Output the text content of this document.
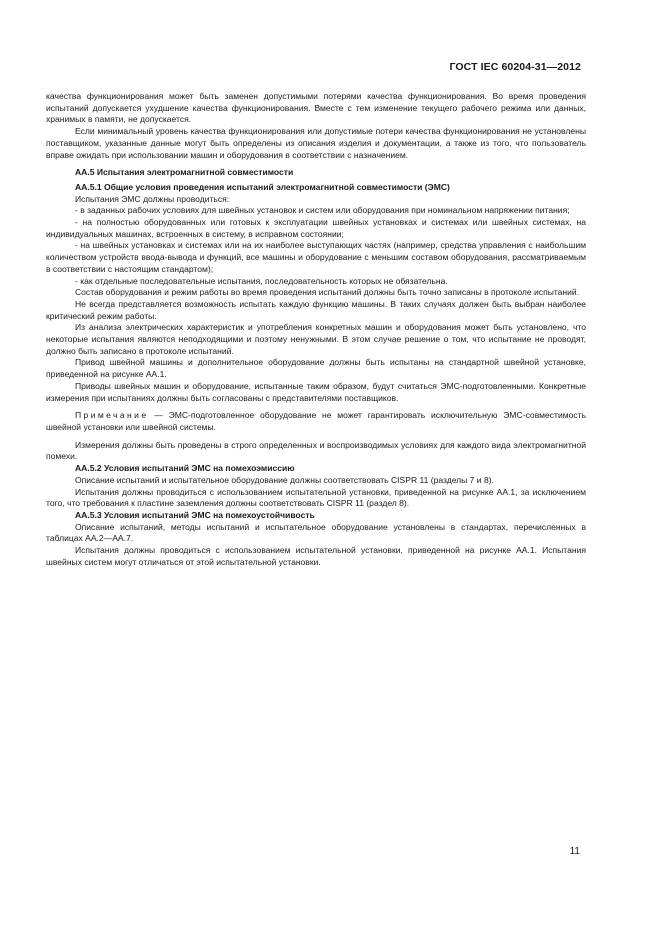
ГОСТ IEC 60204-31—2012

качества функционирования может быть заменен допустимыми потерями качества функционирования. Во время проведения испытаний допускается ухудшение качества функционирования. Вместе с тем изменение текущего рабочего режима или данных, хранимых в памяти, не допускается.

Если минимальный уровень качества функционирования или допустимые потери качества функционирования не установлены поставщиком, указанные данные могут быть определены из описания изделия и документации, а также из того, что пользователь вправе ожидать при использовании машин и оборудования в соответствии с назначением.

АА.5 Испытания электромагнитной совместимости

АА.5.1 Общие условия проведения испытаний электромагнитной совместимости (ЭМС)

Испытания ЭМС должны проводиться:

- в заданных рабочих условиях для швейных установок и систем или оборудования при номинальном напряжении питания;

- на полностью оборудованных или готовых к эксплуатации швейных установках и системах или швейных системах, на индивидуальных машинах, встроенных в систему, в исправном состоянии;

- на швейных установках и системах или на их наиболее выступающих частях (например, средства управления с наибольшим количеством устройств ввода-вывода и функций, все машины и оборудование с меньшим составом оборудования, рассматриваемым в соответствии с настоящим стандартом);

- как отдельные последовательные испытания, последовательность которых не обязательна.

Состав оборудования и режим работы во время проведения испытаний должны быть точно записаны в протоколе испытаний.

Не всегда представляется возможность испытать каждую функцию машины. В таких случаях должен быть выбран наиболее критический режим работы.

Из анализа электрических характеристик и употребления конкретных машин и оборудования может быть установлено, что некоторые испытания являются неподходящими и поэтому ненужными. В этом случае решение о том, что испытание не проводят, должно быть записано в протоколе испытаний.

Привод швейной машины и дополнительное оборудование должны быть испытаны на стандартной швейной установке, приведенной на рисунке АА.1.

Приводы швейных машин и оборудование, испытанные таким образом, будут считаться ЭМС-подготовленными. Конкретные измерения при испытаниях должны быть согласованы с представителями поставщиков.

Примечание — ЭМС-подготовленное оборудование не может гарантировать исключительную ЭМС-совместимость швейной установки или швейной системы.

Измерения должны быть проведены в строго определенных и воспроизводимых условиях для каждого вида электромагнитной помехи.

АА.5.2 Условия испытаний ЭМС на помехоэмиссию

Описание испытаний и испытательное оборудование должны соответствовать CISPR 11 (разделы 7 и 8).

Испытания должны проводиться с использованием испытательной установки, приведенной на рисунке АА.1, за исключением того, что требования к пластине заземления должны соответствовать CISPR 11 (раздел 8).

АА.5.3 Условия испытаний ЭМС на помехоустойчивость

Описание испытаний, методы испытаний и испытательное оборудование установлены в стандартах, перечисленных в таблицах АА.2—АА.7.

Испытания должны проводиться с использованием испытательной установки, приведенной на рисунке АА.1. Испытания швейных систем могут отличаться от этой испытательной установки.

11
